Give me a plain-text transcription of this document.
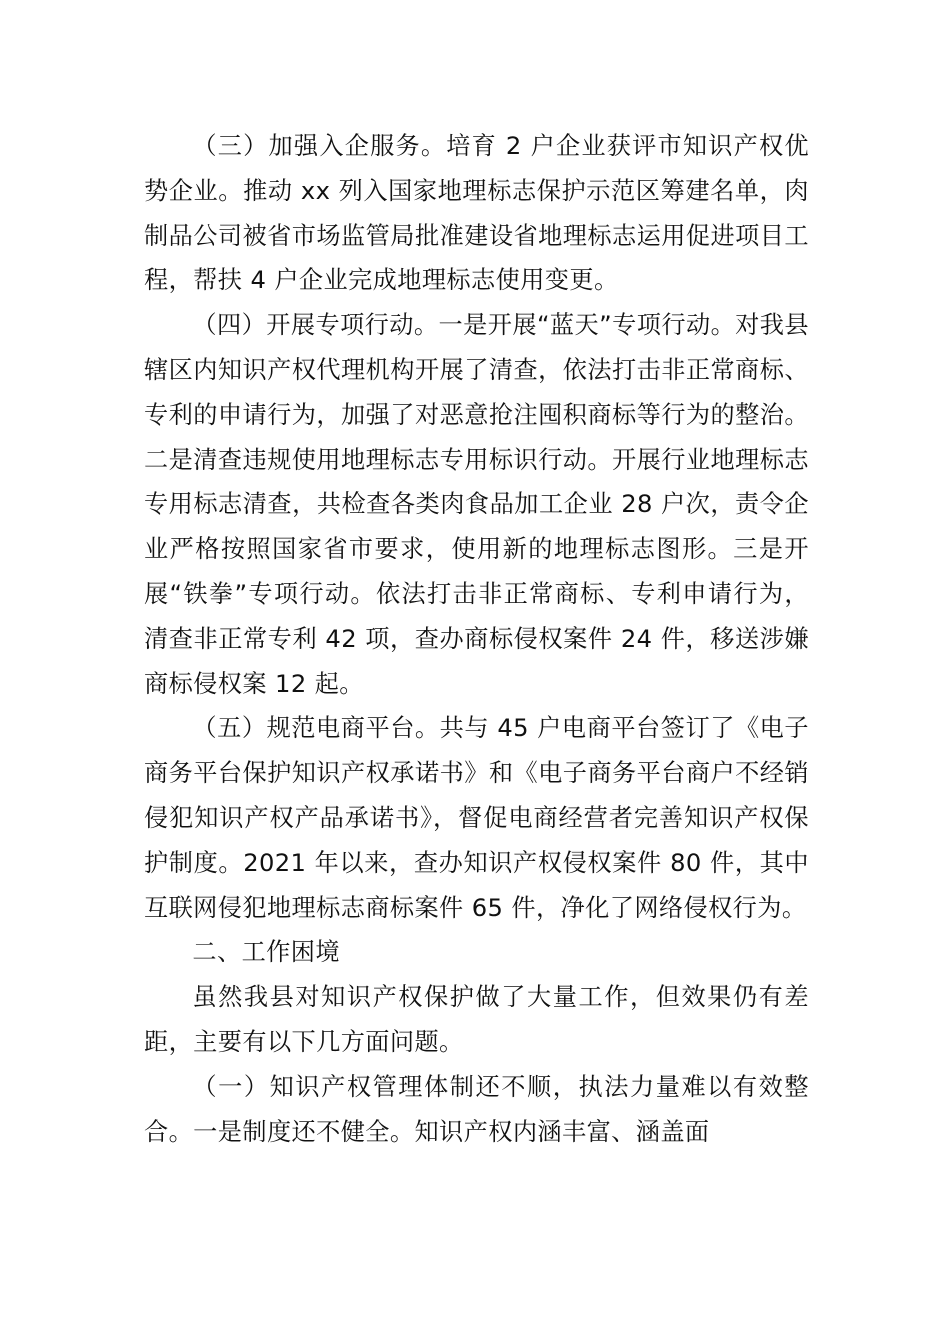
（三）加强入企服务。培育 2 户企业获评市知识产权优势企业。推动 xx 列入国家地理标志保护示范区筹建名单，肉制品公司被省市场监管局批准建设省地理标志运用促进项目工程，帮扶 4 户企业完成地理标志使用变更。

（四）开展专项行动。一是开展“蓝天”专项行动。对我县辖区内知识产权代理机构开展了清查，依法打击非正常商标、专利的申请行为，加强了对恶意抢注囤积商标等行为的整治。二是清查违规使用地理标志专用标识行动。开展行业地理标志专用标志清查，共检查各类肉食品加工企业 28 户次，责令企业严格按照国家省市要求，使用新的地理标志图形。三是开展“铁拳”专项行动。依法打击非正常商标、专利申请行为，清查非正常专利 42 项，查办商标侵权案件 24 件，移送涉嫌商标侵权案 12 起。

（五）规范电商平台。共与 45 户电商平台签订了《电子商务平台保护知识产权承诺书》和《电子商务平台商户不经销侵犯知识产权产品承诺书》，督促电商经营者完善知识产权保护制度。2021 年以来，查办知识产权侵权案件 80 件，其中互联网侵犯地理标志商标案件 65 件，净化了网络侵权行为。

二、工作困境

虽然我县对知识产权保护做了大量工作，但效果仍有差距，主要有以下几方面问题。

（一）知识产权管理体制还不顺，执法力量难以有效整合。一是制度还不健全。知识产权内涵丰富、涵盖面
